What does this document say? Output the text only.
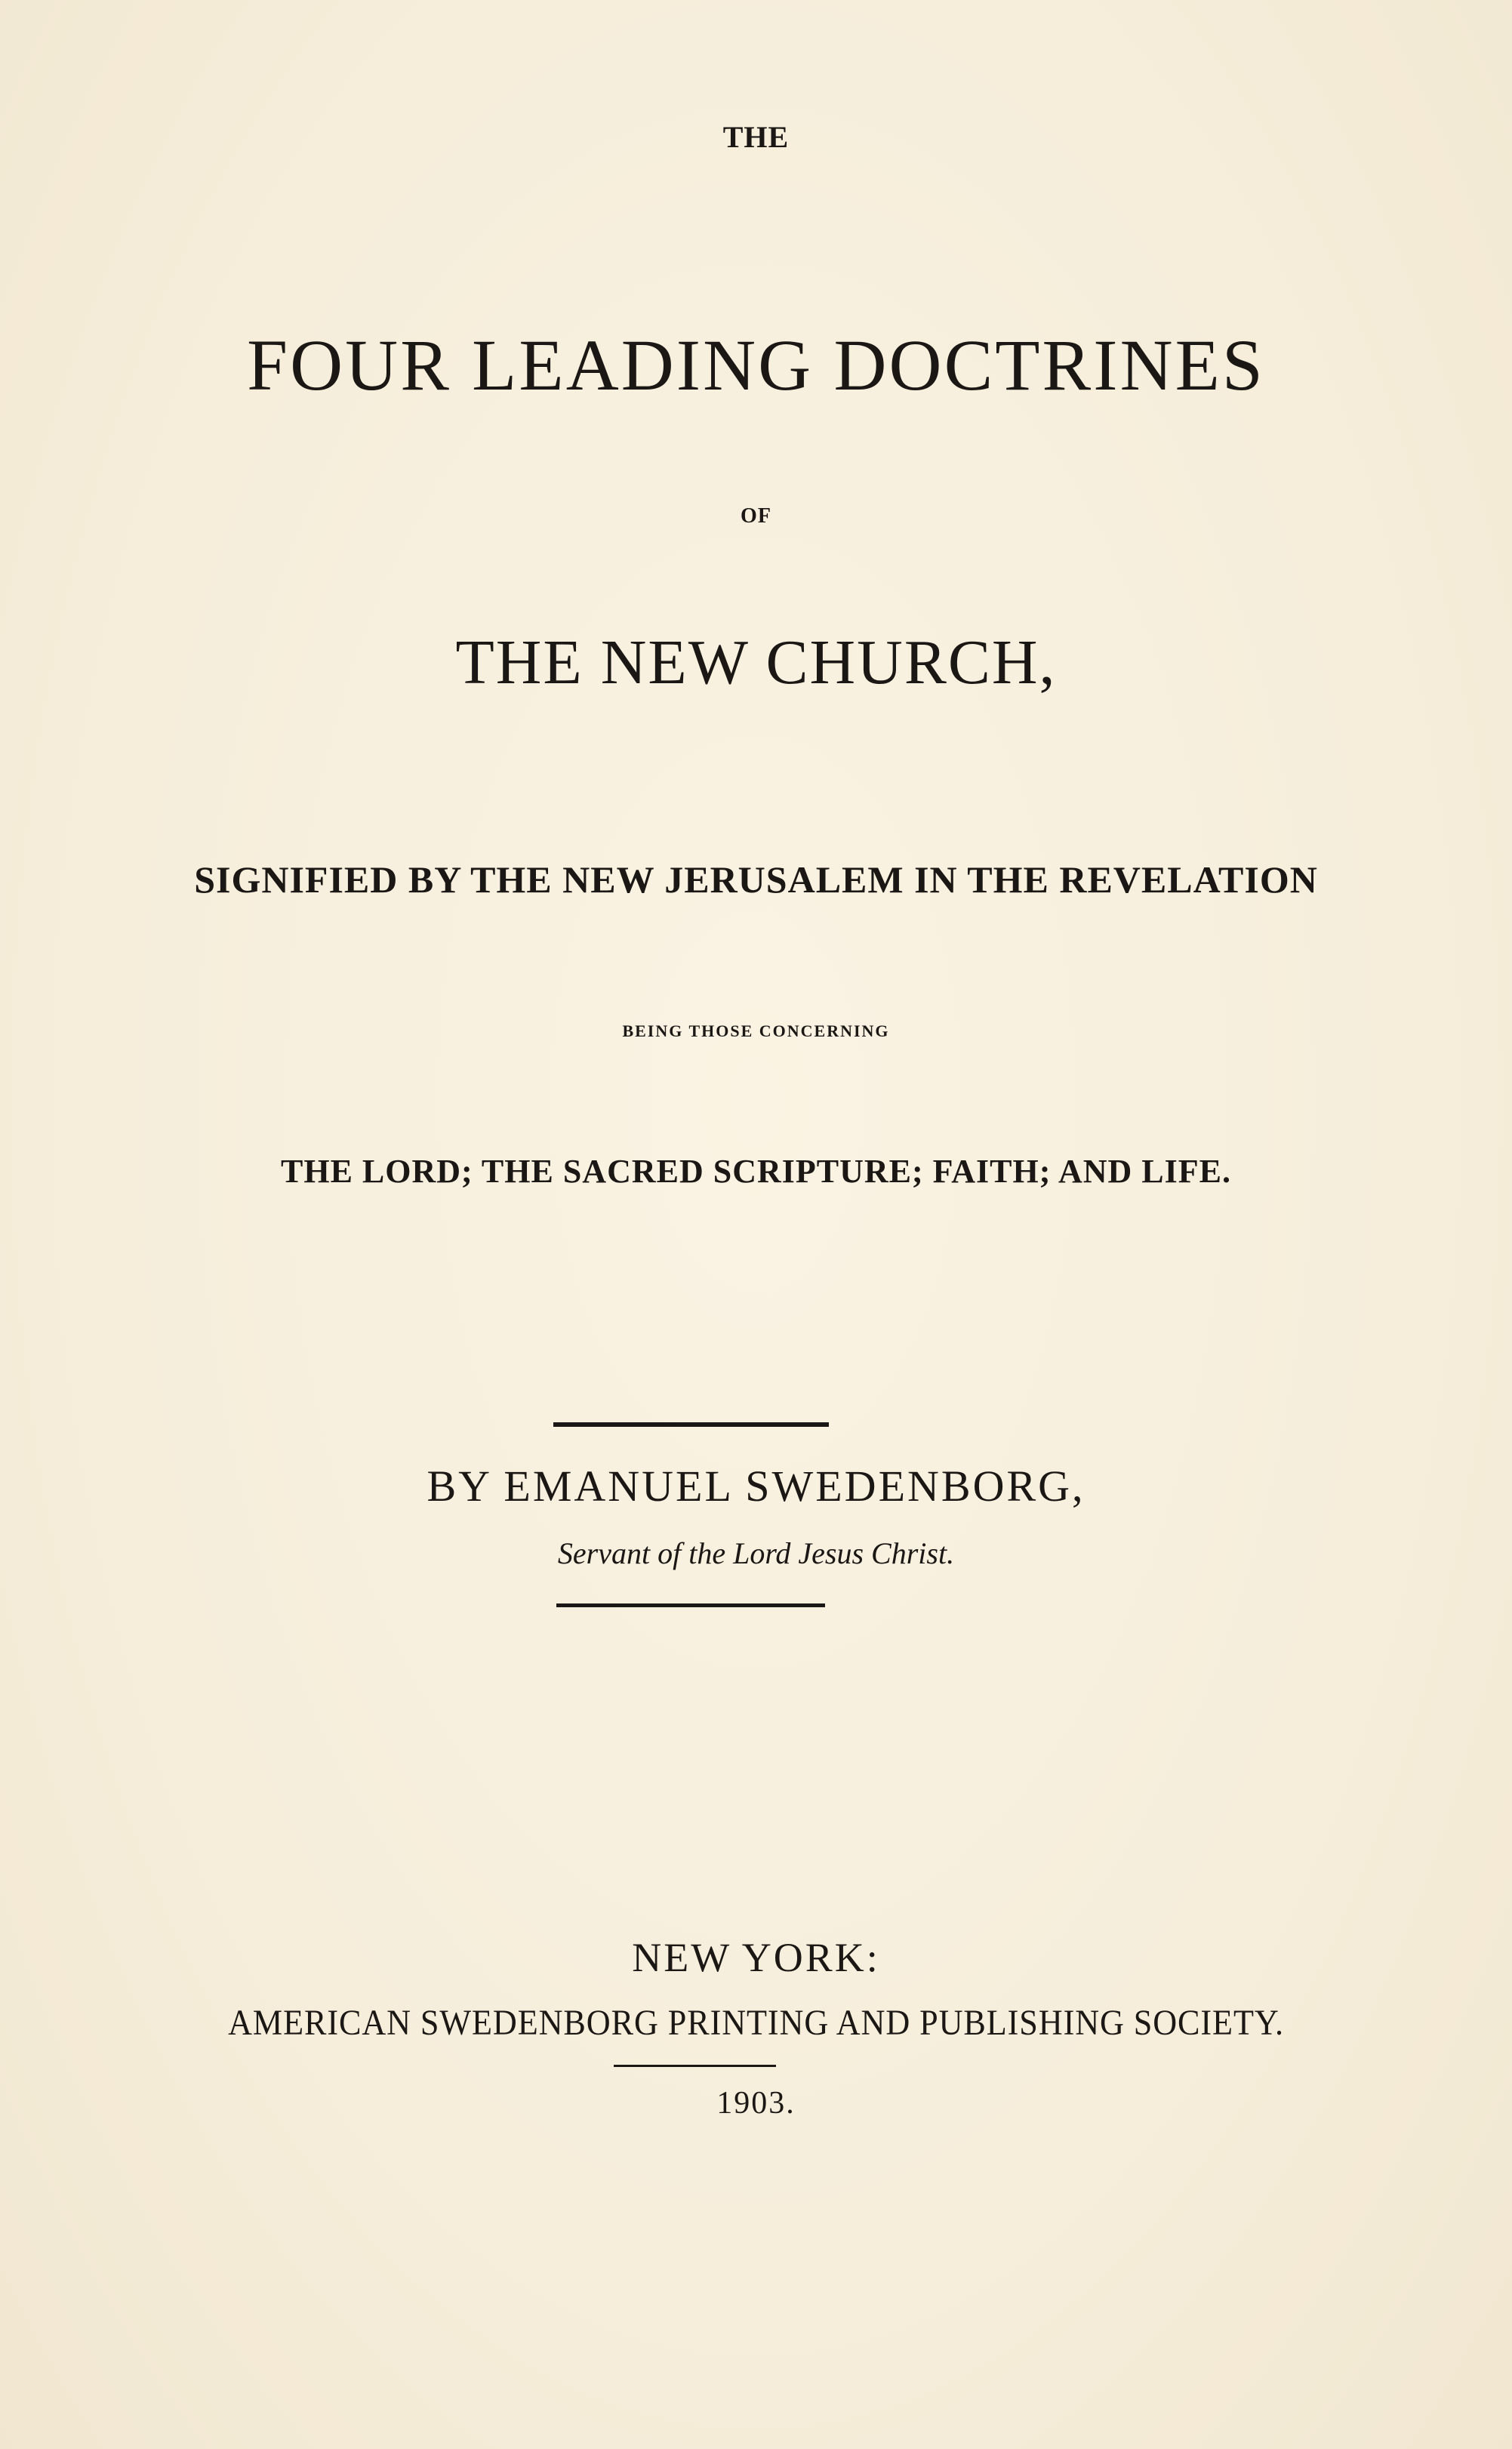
THE

FOUR LEADING DOCTRINES

OF

THE NEW CHURCH,

SIGNIFIED BY THE NEW JERUSALEM IN THE REVELATION

BEING THOSE CONCERNING

THE LORD; THE SACRED SCRIPTURE; FAITH; AND LIFE.

BY EMANUEL SWEDENBORG,

Servant of the Lord Jesus Christ.

NEW YORK:

AMERICAN SWEDENBORG PRINTING AND PUBLISHING SOCIETY.

1903.
